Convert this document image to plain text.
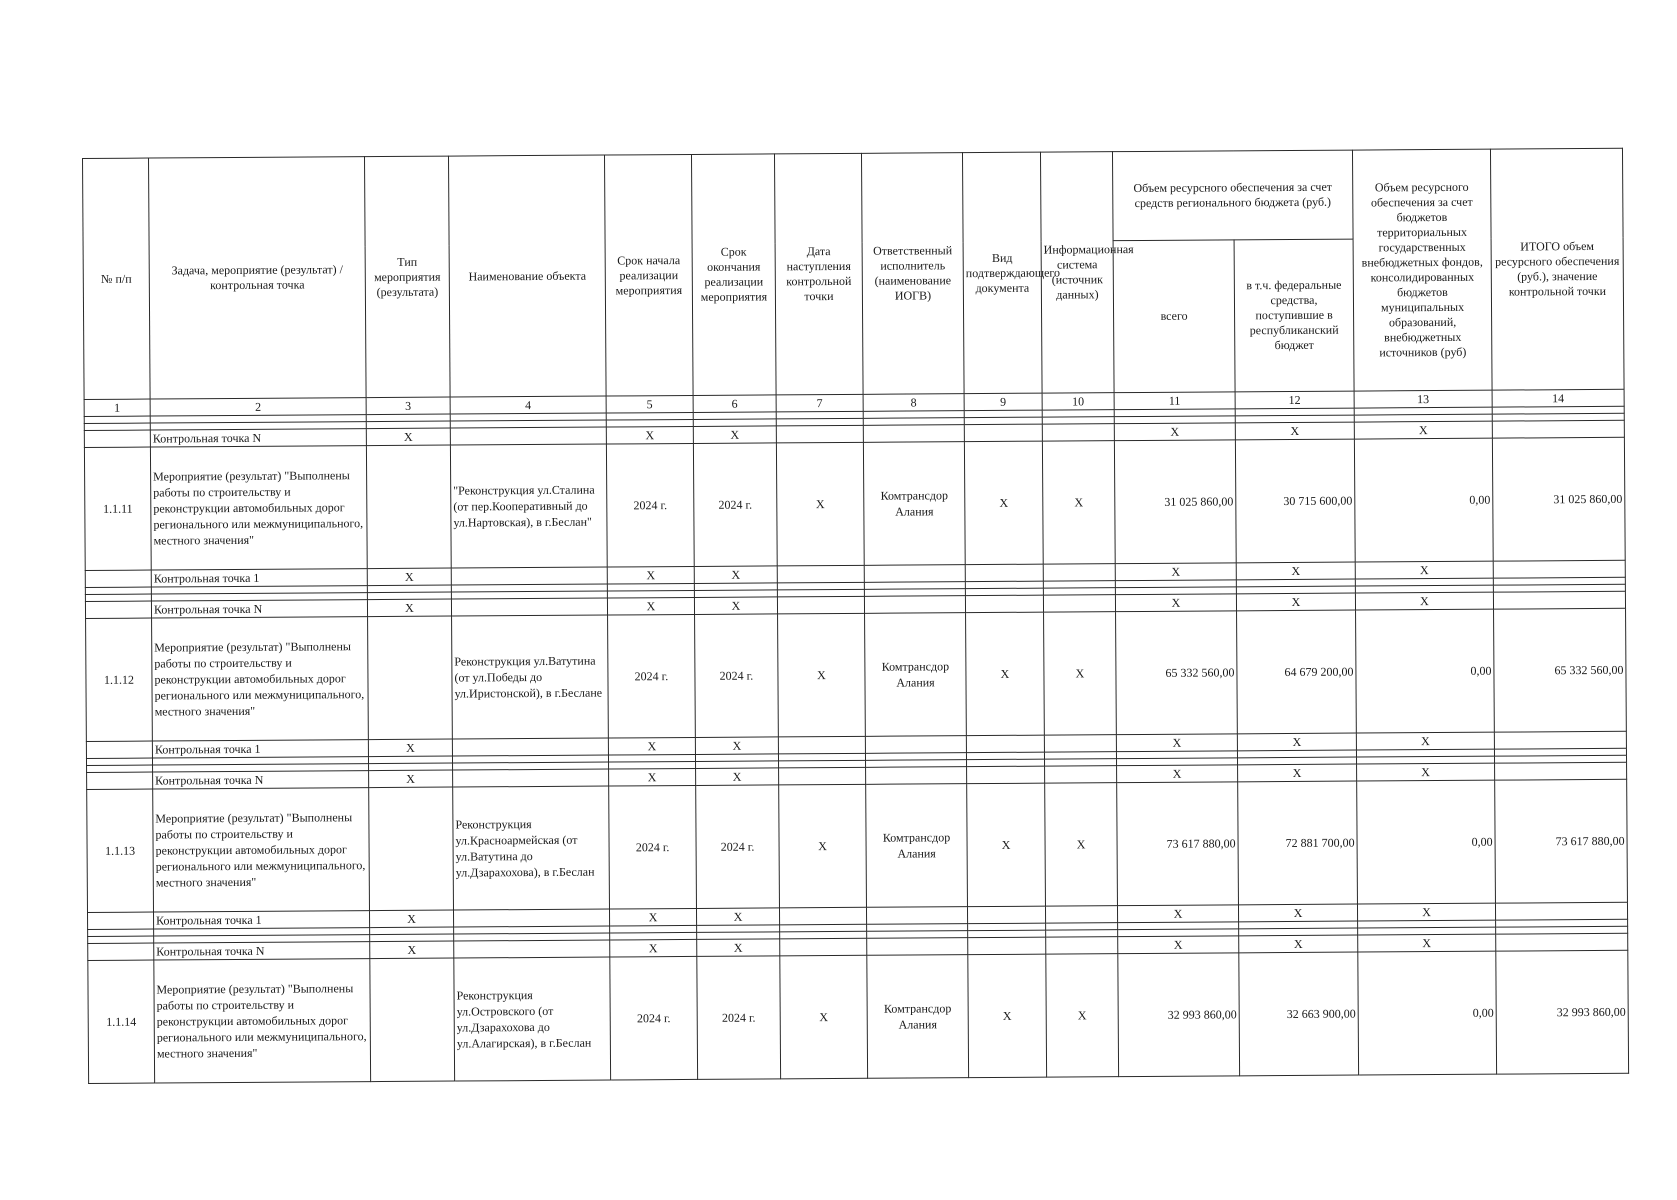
№ п/п	Задача, мероприятие (результат) / контрольная точка	Тип мероприятия (результата)	Наименование объекта	Срок начала реализации мероприятия	Срок окончания реализации мероприятия	Дата наступления контрольной точки	Ответственный исполнитель (наименование ИОГВ)	Вид подтверждающего документа	Информационная система (источник данных)	Объем ресурсного обеспечения за счет средств регионального бюджета (руб.)		Объем ресурсного обеспечения за счет бюджетов территориальных государственных внебюджетных фондов, консолидированных бюджетов муниципальных образований, внебюджетных источников (руб)	ИТОГО объем ресурсного обеспечения (руб.), значение контрольной точки
										всего	в т.ч. федеральные средства, поступившие в республиканский бюджет		
1	2	3	4	5	6	7	8	9	10	11	12	13	14

	Контрольная точка N	X		X	X					X	X	X	
1.1.11	Мероприятие (результат) "Выполнены работы по строительству и реконструкции автомобильных дорог регионального или межмуниципального, местного значения"		"Реконструкция ул.Сталина (от пер.Кооперативный до ул.Нартовская), в г.Беслан"	2024 г.	2024 г.	X	Комтрансдор Алания	X	X	31 025 860,00	30 715 600,00	0,00	31 025 860,00
	Контрольная точка 1	X		X	X					X	X	X	

	Контрольная точка N	X		X	X					X	X	X	
1.1.12	Мероприятие (результат) "Выполнены работы по строительству и реконструкции автомобильных дорог регионального или межмуниципального, местного значения"		Реконструкция ул.Ватутина (от ул.Победы до ул.Иристонской), в г.Беслане	2024 г.	2024 г.	X	Комтрансдор Алания	X	X	65 332 560,00	64 679 200,00	0,00	65 332 560,00
	Контрольная точка 1	X		X	X					X	X	X	

	Контрольная точка N	X		X	X					X	X	X	
1.1.13	Мероприятие (результат) "Выполнены работы по строительству и реконструкции автомобильных дорог регионального или межмуниципального, местного значения"		Реконструкция ул.Красноармейская (от ул.Ватутина до ул.Дзарахохова), в г.Беслан	2024 г.	2024 г.	X	Комтрансдор Алания	X	X	73 617 880,00	72 881 700,00	0,00	73 617 880,00
	Контрольная точка 1	X		X	X					X	X	X	

	Контрольная точка N	X		X	X					X	X	X	
1.1.14	Мероприятие (результат) "Выполнены работы по строительству и реконструкции автомобильных дорог регионального или межмуниципального, местного значения"		Реконструкция ул.Островского (от ул.Дзарахохова до ул.Алагирская), в г.Беслан	2024 г.	2024 г.	X	Комтрансдор Алания	X	X	32 993 860,00	32 663 900,00	0,00	32 993 860,00
